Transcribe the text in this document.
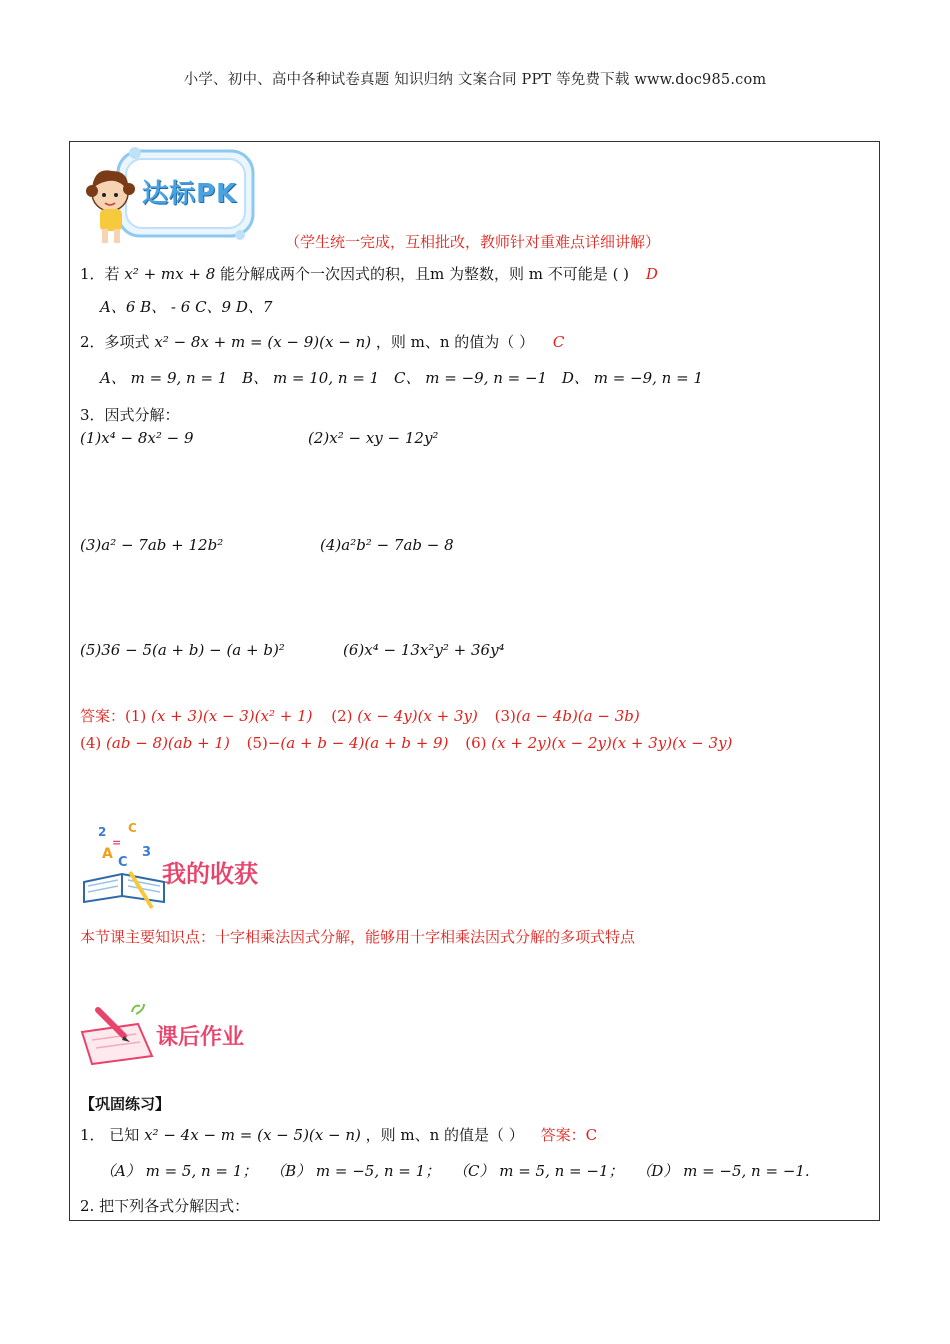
小学、初中、高中各种试卷真题 知识归纳 文案合同 PPT 等免费下载 www.doc985.com
达标PK
（学生统一完成，互相批改，教师针对重难点详细讲解）
1．若 x² + mx + 8 能分解成两个一次因式的积，且m 为整数，则 m 不可能是 ( ) D
A、6 B、 - 6 C、9 D、7
2．多项式 x² − 8x + m = (x − 9)(x − n) ，则 m、n 的值为（ ） C
A、 m = 9, n = 1 B、 m = 10, n = 1 C、 m = −9, n = −1 D、 m = −9, n = 1
3．因式分解：
(1)x⁴ − 8x² − 9	(2)x² − xy − 12y²
(3)a² − 7ab + 12b²	(4)a²b² − 7ab − 8
(5)36 − 5(a + b) − (a + b)²	(6)x⁴ − 13x²y² + 36y⁴
答案：(1) (x + 3)(x − 3)(x² + 1) (2) (x − 4y)(x + 3y) (3)(a − 4b)(a − 3b)
(4) (ab − 8)(ab + 1) (5)−(a + b − 4)(a + b + 9) (6) (x + 2y)(x − 2y)(x + 3y)(x − 3y)
2 C
A
C
3
=
我的收获
本节课主要知识点：十字相乘法因式分解，能够用十字相乘法因式分解的多项式特点
课后作业
【巩固练习】
1． 已知 x² − 4x − m = (x − 5)(x − n) ，则 m、n 的值是（ ） 答案：C
（A） m = 5, n = 1； （B） m = −5, n = 1； （C） m = 5, n = −1； （D） m = −5, n = −1.
2. 把下列各式分解因式：
